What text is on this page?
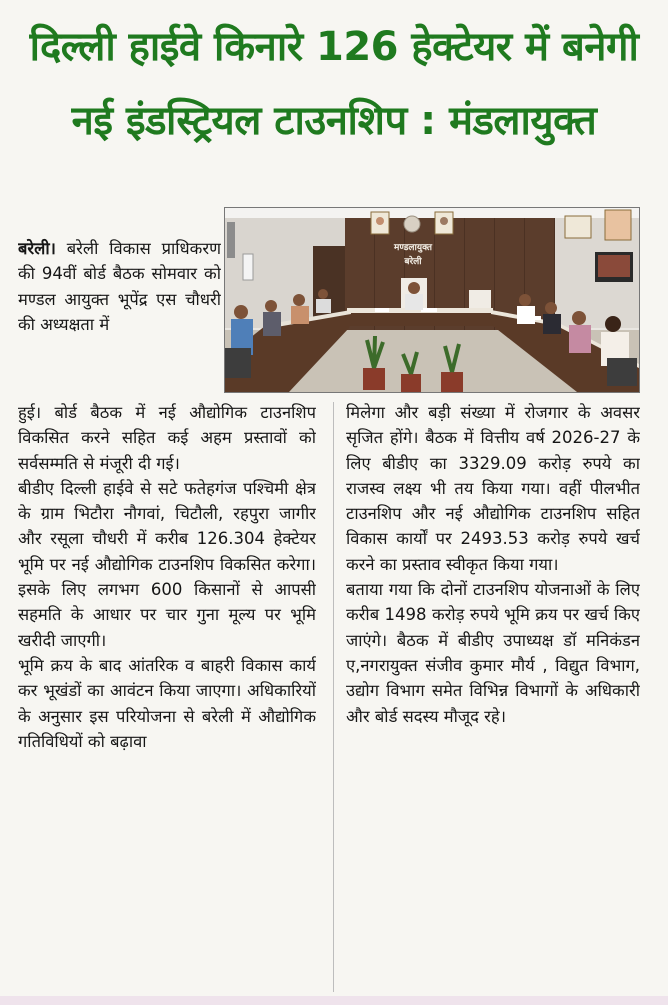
दिल्ली हाईवे किनारे 126 हेक्टेयर में बनेगी
नई इंडस्ट्रियल टाउनशिप : मंडलायुक्त
मण्डलायुक्त
बरेली

बरेली। बरेली विकास प्राधिकरण की 94वीं बोर्ड बैठक सोमवार को मण्डल आयुक्त भूपेंद्र एस चौधरी की अध्यक्षता में

हुई। बोर्ड बैठक में नई औद्योगिक टाउनशिप विकसित करने सहित कई अहम प्रस्तावों को सर्वसम्मति से मंजूरी दी गई।

बीडीए दिल्ली हाईवे से सटे फतेहगंज पश्चिमी क्षेत्र के ग्राम भिटौरा नौगवां, चिटौली, रहपुरा जागीर और रसूला चौधरी में करीब 126.304 हेक्टेयर भूमि पर नई औद्योगिक टाउनशिप विकसित करेगा। इसके लिए लगभग 600 किसानों से आपसी सहमति के आधार पर चार गुना मूल्य पर भूमि खरीदी जाएगी।

भूमि क्रय के बाद आंतरिक व बाहरी विकास कार्य कर भूखंडों का आवंटन किया जाएगा। अधिकारियों के अनुसार इस परियोजना से बरेली में औद्योगिक गतिविधियों को बढ़ावा

मिलेगा और बड़ी संख्या में रोजगार के अवसर सृजित होंगे। बैठक में वित्तीय वर्ष 2026-27 के लिए बीडीए का 3329.09 करोड़ रुपये का राजस्व लक्ष्य भी तय किया गया। वहीं पीलभीत टाउनशिप और नई औद्योगिक टाउनशिप सहित विकास कार्यों पर 2493.53 करोड़ रुपये खर्च करने का प्रस्ताव स्वीकृत किया गया।

बताया गया कि दोनों टाउनशिप योजनाओं के लिए करीब 1498 करोड़ रुपये भूमि क्रय पर खर्च किए जाएंगे। बैठक में बीडीए उपाध्यक्ष डॉ मनिकंडन ए,नगरायुक्त संजीव कुमार मौर्य , विद्युत विभाग, उद्योग विभाग समेत विभिन्न विभागों के अधिकारी और बोर्ड सदस्य मौजूद रहे।
